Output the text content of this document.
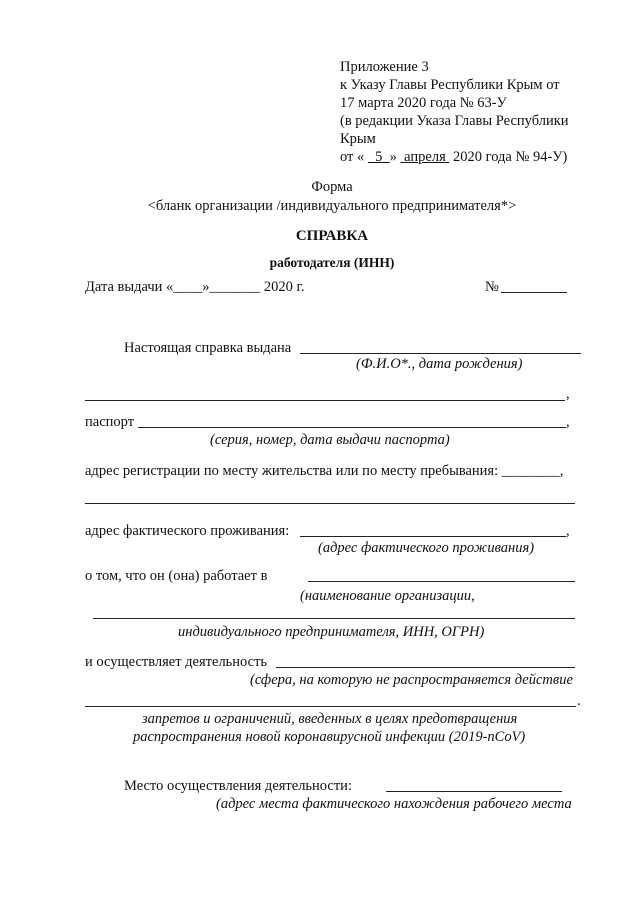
Приложение 3
к Указу Главы Республики Крым от
17 марта 2020 года № 63-У
(в редакции Указа Главы Республики
Крым
от « 5 » апреля 2020 года № 94-У)
Форма
<бланк организации /индивидуального предпринимателя*>
СПРАВКА
работодателя (ИНН)
Дата выдачи «____»_______ 2020 г.	№
Настоящая справка выдана
(Ф.И.О*., дата рождения)
,
паспорт	,
(серия, номер, дата выдачи паспорта)
адрес регистрации по месту жительства или по месту пребывания: ________,
адрес фактического проживания:	,
(адрес фактического проживания)
о том, что он (она) работает в
(наименование организации,
индивидуального предпринимателя, ИНН, ОГРН)
и осуществляет деятельность
(сфера, на которую не распространяется действие
.
запретов и ограничений, введенных в целях предотвращения
распространения новой коронавирусной инфекции (2019-nCoV)
Место осуществления деятельности:
(адрес места фактического нахождения рабочего места
